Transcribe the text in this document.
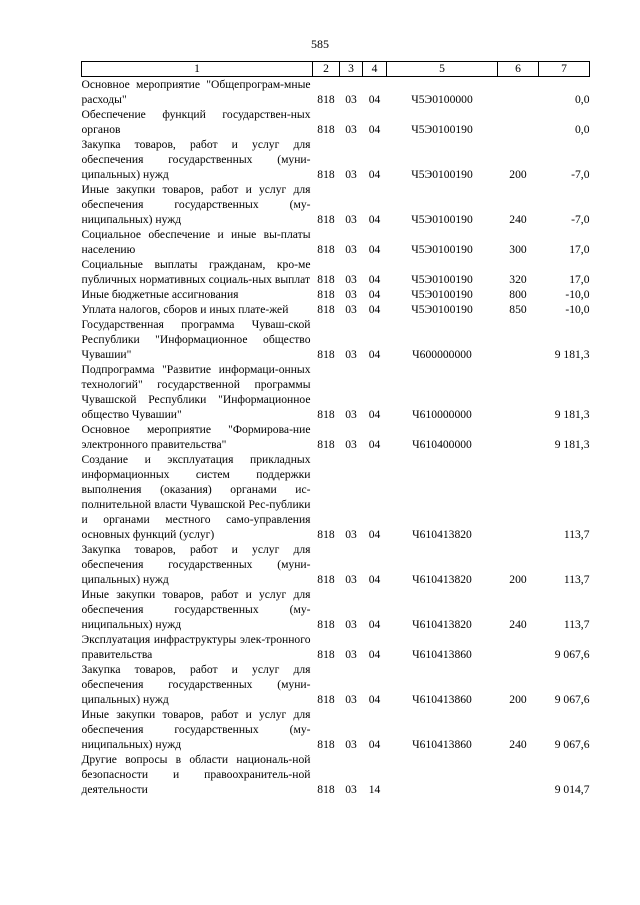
585
1	2	3	4	5	6	7
Основное мероприятие "Общепрограм-мные расходы"	818	03	04	Ч5Э0100000		0,0
Обеспечение функций государствен-ных органов	818	03	04	Ч5Э0100190		0,0
Закупка товаров, работ и услуг для обеспечения государственных (муни-ципальных) нужд	818	03	04	Ч5Э0100190	200	-7,0
Иные закупки товаров, работ и услуг для обеспечения государственных (му-ниципальных) нужд	818	03	04	Ч5Э0100190	240	-7,0
Социальное обеспечение и иные вы-платы населению	818	03	04	Ч5Э0100190	300	17,0
Социальные выплаты гражданам, кро-ме публичных нормативных социаль-ных выплат	818	03	04	Ч5Э0100190	320	17,0
Иные бюджетные ассигнования	818	03	04	Ч5Э0100190	800	-10,0
Уплата налогов, сборов и иных плате-жей	818	03	04	Ч5Э0100190	850	-10,0
Государственная программа Чуваш-ской Республики "Информационное общество Чувашии"	818	03	04	Ч600000000		9 181,3
Подпрограмма "Развитие информаци-онных технологий" государственной программы Чувашской Республики "Информационное общество Чувашии"	818	03	04	Ч610000000		9 181,3
Основное мероприятие "Формирова-ние электронного правительства"	818	03	04	Ч610400000		9 181,3
Создание и эксплуатация прикладных информационных систем поддержки выполнения (оказания) органами ис-полнительной власти Чувашской Рес-публики и органами местного само-управления основных функций (услуг)	818	03	04	Ч610413820		113,7
Закупка товаров, работ и услуг для обеспечения государственных (муни-ципальных) нужд	818	03	04	Ч610413820	200	113,7
Иные закупки товаров, работ и услуг для обеспечения государственных (му-ниципальных) нужд	818	03	04	Ч610413820	240	113,7
Эксплуатация инфраструктуры элек-тронного правительства	818	03	04	Ч610413860		9 067,6
Закупка товаров, работ и услуг для обеспечения государственных (муни-ципальных) нужд	818	03	04	Ч610413860	200	9 067,6
Иные закупки товаров, работ и услуг для обеспечения государственных (му-ниципальных) нужд	818	03	04	Ч610413860	240	9 067,6
Другие вопросы в области националь-ной безопасности и правоохранитель-ной деятельности	818	03	14			9 014,7
